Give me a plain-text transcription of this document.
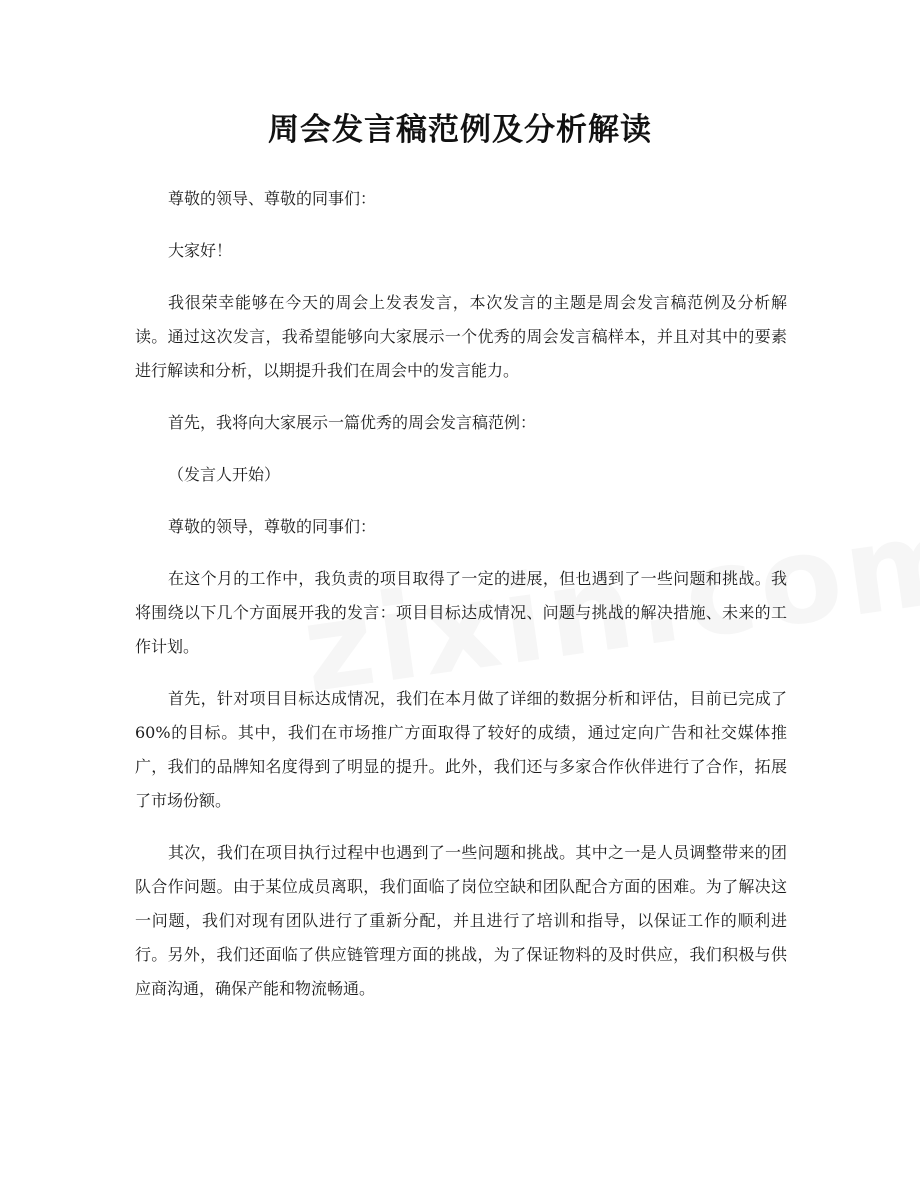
周会发言稿范例及分析解读

尊敬的领导、尊敬的同事们：

大家好！

我很荣幸能够在今天的周会上发表发言，本次发言的主题是周会发言稿范例及分析解读。通过这次发言，我希望能够向大家展示一个优秀的周会发言稿样本，并且对其中的要素进行解读和分析，以期提升我们在周会中的发言能力。

首先，我将向大家展示一篇优秀的周会发言稿范例：

（发言人开始）

尊敬的领导，尊敬的同事们：

在这个月的工作中，我负责的项目取得了一定的进展，但也遇到了一些问题和挑战。我将围绕以下几个方面展开我的发言：项目目标达成情况、问题与挑战的解决措施、未来的工作计划。

首先，针对项目目标达成情况，我们在本月做了详细的数据分析和评估，目前已完成了 60%的目标。其中，我们在市场推广方面取得了较好的成绩，通过定向广告和社交媒体推广，我们的品牌知名度得到了明显的提升。此外，我们还与多家合作伙伴进行了合作，拓展了市场份额。

其次，我们在项目执行过程中也遇到了一些问题和挑战。其中之一是人员调整带来的团队合作问题。由于某位成员离职，我们面临了岗位空缺和团队配合方面的困难。为了解决这一问题，我们对现有团队进行了重新分配，并且进行了培训和指导，以保证工作的顺利进行。另外，我们还面临了供应链管理方面的挑战，为了保证物料的及时供应，我们积极与供应商沟通，确保产能和物流畅通。
